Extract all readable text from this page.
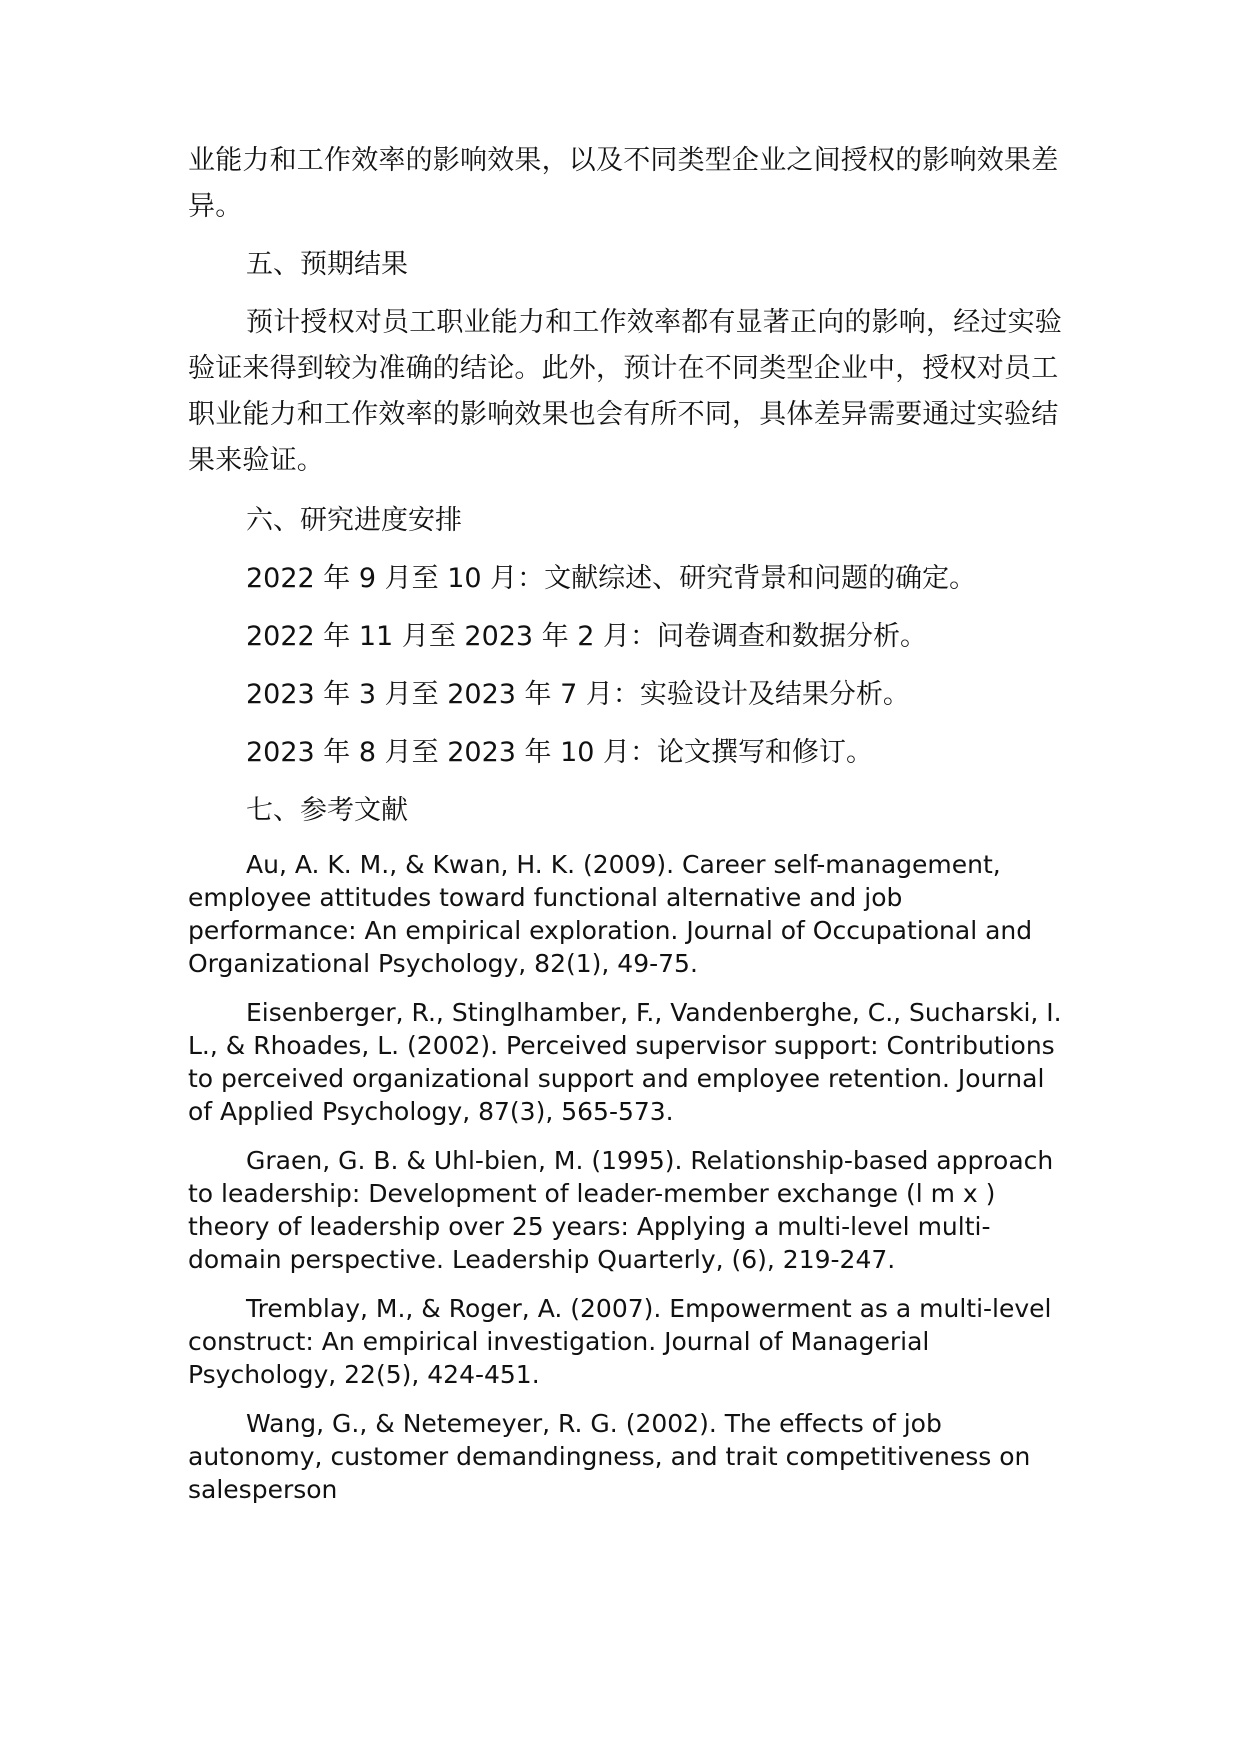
业能力和工作效率的影响效果，以及不同类型企业之间授权的影响效果差异。

五、预期结果

预计授权对员工职业能力和工作效率都有显著正向的影响，经过实验验证来得到较为准确的结论。此外，预计在不同类型企业中，授权对员工职业能力和工作效率的影响效果也会有所不同，具体差异需要通过实验结果来验证。

六、研究进度安排

2022 年 9 月至 10 月：文献综述、研究背景和问题的确定。

2022 年 11 月至 2023 年 2 月：问卷调查和数据分析。

2023 年 3 月至 2023 年 7 月：实验设计及结果分析。

2023 年 8 月至 2023 年 10 月：论文撰写和修订。

七、参考文献

Au, A. K. M., & Kwan, H. K. (2009). Career self-management, employee attitudes toward functional alternative and job performance: An empirical exploration. Journal of Occupational and Organizational Psychology, 82(1), 49-75.

Eisenberger, R., Stinglhamber, F., Vandenberghe, C., Sucharski, I. L., & Rhoades, L. (2002). Perceived supervisor support: Contributions to perceived organizational support and employee retention. Journal of Applied Psychology, 87(3), 565-573.

Graen, G. B. & Uhl-bien, M. (1995). Relationship-based approach to leadership: Development of leader-member exchange (l m x ) theory of leadership over 25 years: Applying a multi-level multi-domain perspective. Leadership Quarterly, (6), 219-247.

Tremblay, M., & Roger, A. (2007). Empowerment as a multi-level construct: An empirical investigation. Journal of Managerial Psychology, 22(5), 424-451.

Wang, G., & Netemeyer, R. G. (2002). The effects of job autonomy, customer demandingness, and trait competitiveness on salesperson
